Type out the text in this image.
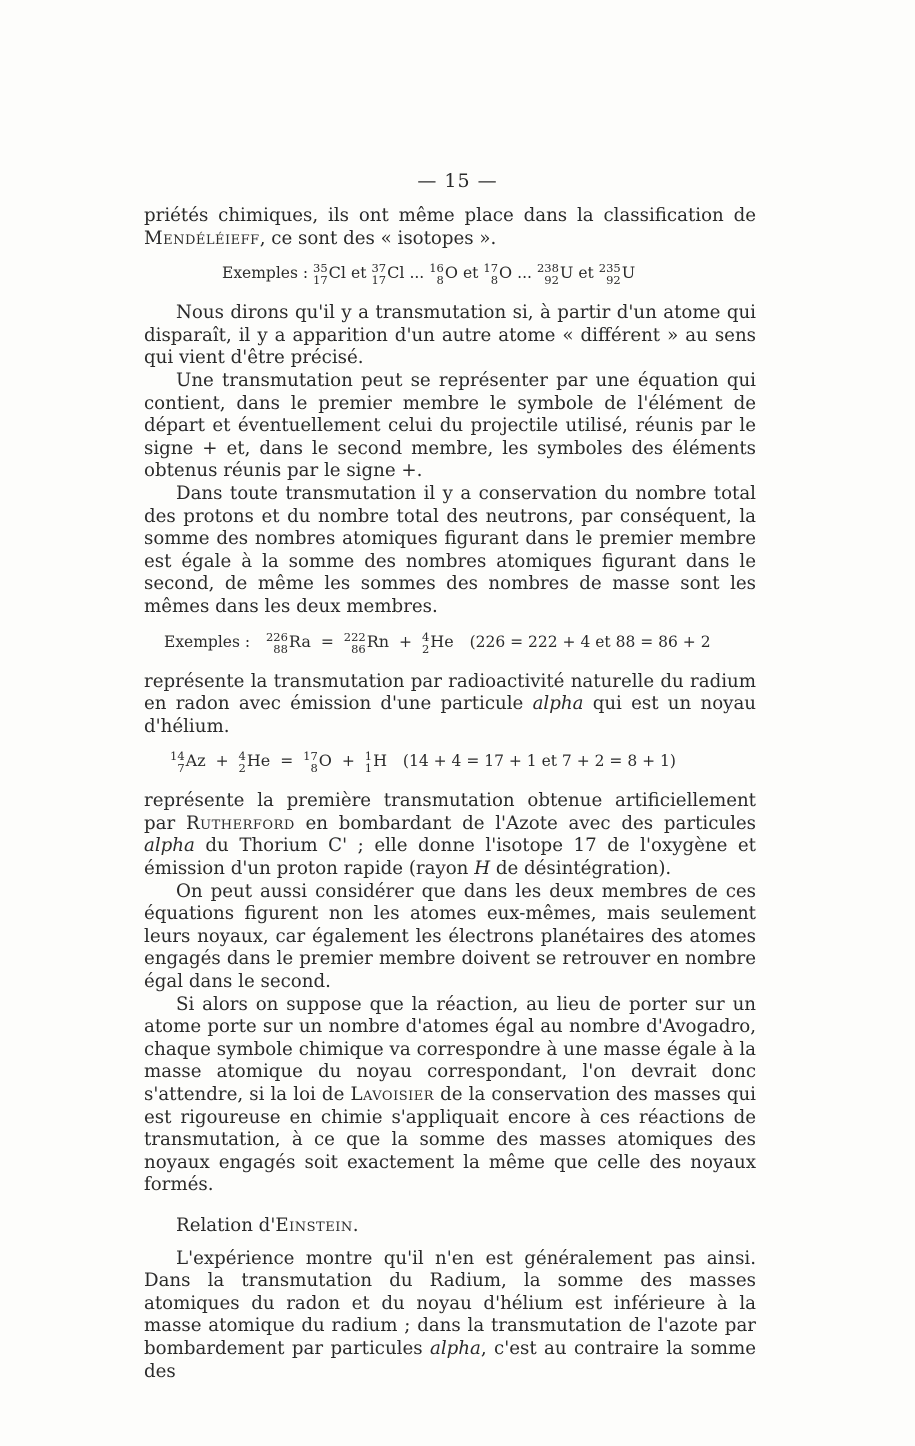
— 15 —

priétés chimiques, ils ont même place dans la classification de Mendéléieff, ce sont des « isotopes ».

Exemples : 35
17 Cl et 37
17 Cl ... 16
8 O et 17
8 O ... 238
92 U et 235
92 U

Nous dirons qu'il y a transmutation si, à partir d'un atome qui disparaît, il y a apparition d'un autre atome « différent » au sens qui vient d'être précisé.

Une transmutation peut se représenter par une équation qui contient, dans le premier membre le symbole de l'élément de départ et éventuellement celui du projectile utilisé, réunis par le signe + et, dans le second membre, les symboles des éléments obtenus réunis par le signe +.

Dans toute transmutation il y a conservation du nombre total des protons et du nombre total des neutrons, par conséquent, la somme des nombres atomiques figurant dans le premier membre est égale à la somme des nombres atomiques figurant dans le second, de même les sommes des nombres de masse sont les mêmes dans les deux membres.

Exemples : 226
88 Ra = 222
86 Rn + 4
2 He (226 = 222 + 4 et 88 = 86 + 2

représente la transmutation par radioactivité naturelle du radium en radon avec émission d'une particule alpha qui est un noyau d'hélium.

14
7 Az + 4
2 He = 17
8 O + 1
1 H (14 + 4 = 17 + 1 et 7 + 2 = 8 + 1)

représente la première transmutation obtenue artificiellement par Rutherford en bombardant de l'Azote avec des particules alpha du Thorium C' ; elle donne l'isotope 17 de l'oxygène et émission d'un proton rapide (rayon H de désintégration).

On peut aussi considérer que dans les deux membres de ces équations figurent non les atomes eux-mêmes, mais seulement leurs noyaux, car également les électrons planétaires des atomes engagés dans le premier membre doivent se retrouver en nombre égal dans le second.

Si alors on suppose que la réaction, au lieu de porter sur un atome porte sur un nombre d'atomes égal au nombre d'Avogadro, chaque symbole chimique va correspondre à une masse égale à la masse atomique du noyau correspondant, l'on devrait donc s'attendre, si la loi de Lavoisier de la conservation des masses qui est rigoureuse en chimie s'appliquait encore à ces réactions de transmutation, à ce que la somme des masses atomiques des noyaux engagés soit exactement la même que celle des noyaux formés.

Relation d'Einstein.

L'expérience montre qu'il n'en est généralement pas ainsi. Dans la transmutation du Radium, la somme des masses atomiques du radon et du noyau d'hélium est inférieure à la masse atomique du radium ; dans la transmutation de l'azote par bombardement par particules alpha, c'est au contraire la somme des
